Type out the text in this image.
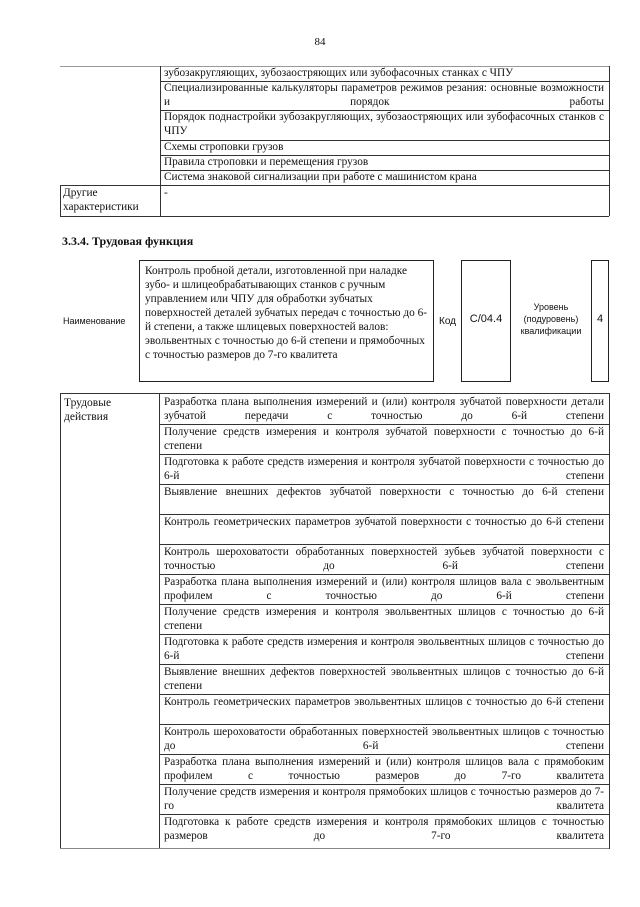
84
зубозакругляющих, зубозаостряющих или зубофасочных станках с ЧПУ
Специализированные калькуляторы параметров режимов резания: основные возможности и порядок работы
Порядок поднастройки зубозакругляющих, зубозаостряющих или зубофасочных станков с ЧПУ
Схемы строповки грузов
Правила строповки и перемещения грузов
Система знаковой сигнализации при работе с машинистом крана
Другие характеристики
-
3.3.4. Трудовая функция
Наименование
Контроль пробной детали, изготовленной при наладке зубо- и шлицеобрабатывающих станков с ручным управлением или ЧПУ для обработки зубчатых поверхностей деталей зубчатых передач с точностью до 6-й степени, а также шлицевых поверхностей валов: эвольвентных с точностью до 6-й степени и прямобочных с точностью размеров до 7-го квалитета
Код	C/04.4
Уровень (подуровень) квалификации
4
Трудовые действия
Разработка плана выполнения измерений и (или) контроля зубчатой поверхности детали зубчатой передачи с точностью до 6-й степени
Получение средств измерения и контроля зубчатой поверхности с точностью до 6-й степени
Подготовка к работе средств измерения и контроля зубчатой поверхности с точностью до 6-й степени
Выявление внешних дефектов зубчатой поверхности с точностью до 6-й степени
Контроль геометрических параметров зубчатой поверхности с точностью до 6-й степени
Контроль шероховатости обработанных поверхностей зубьев зубчатой поверхности с точностью до 6-й степени
Разработка плана выполнения измерений и (или) контроля шлицов вала с эвольвентным профилем с точностью до 6-й степени
Получение средств измерения и контроля эвольвентных шлицов с точностью до 6-й степени
Подготовка к работе средств измерения и контроля эвольвентных шлицов с точностью до 6-й степени
Выявление внешних дефектов поверхностей эвольвентных шлицов с точностью до 6-й степени
Контроль геометрических параметров эвольвентных шлицов с точностью до 6-й степени
Контроль шероховатости обработанных поверхностей эвольвентных шлицов с точностью до 6-й степени
Разработка плана выполнения измерений и (или) контроля шлицов вала с прямобоким профилем с точностью размеров до 7-го квалитета
Получение средств измерения и контроля прямобоких шлицов с точностью размеров до 7-го квалитета
Подготовка к работе средств измерения и контроля прямобоких шлицов с точностью размеров до 7-го квалитета
